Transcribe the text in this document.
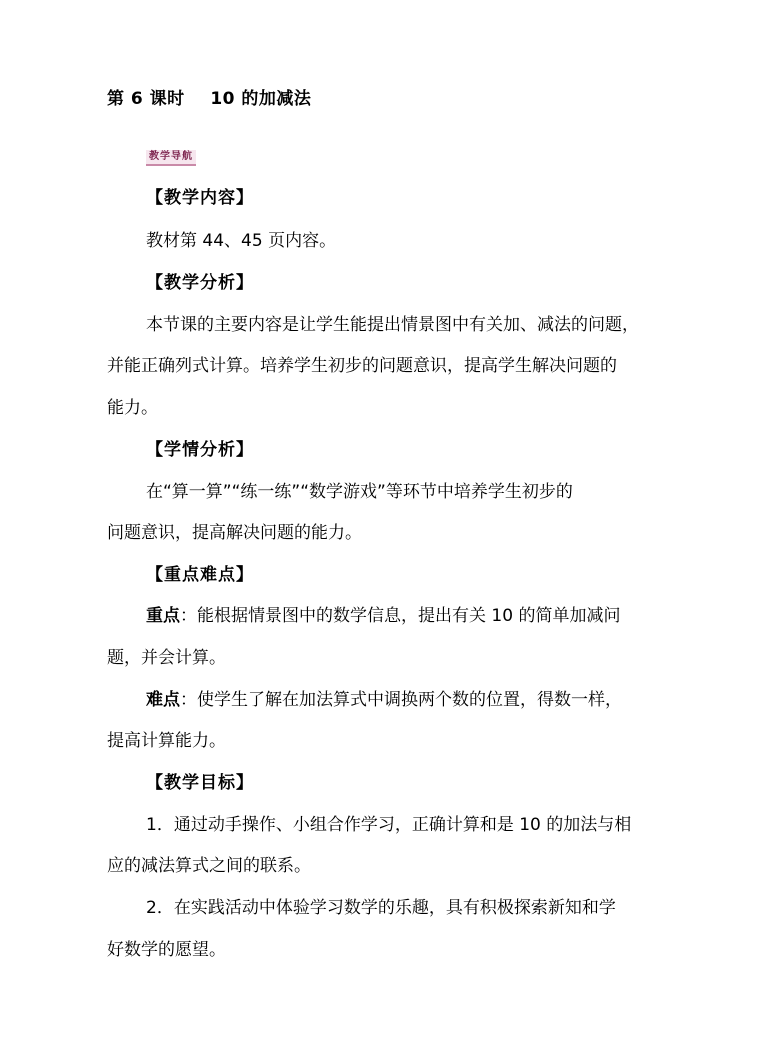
第 6 课时    10 的加减法
教学导航
【教学内容】
教材第 44、45 页内容。
【教学分析】
本节课的主要内容是让学生能提出情景图中有关加、减法的问题，
并能正确列式计算。培养学生初步的问题意识，提高学生解决问题的
能力。
【学情分析】
在“算一算”“练一练”“数学游戏”等环节中培养学生初步的
问题意识，提高解决问题的能力。
【重点难点】
重点：能根据情景图中的数学信息，提出有关 10 的简单加减问
题，并会计算。
难点：使学生了解在加法算式中调换两个数的位置，得数一样，
提高计算能力。
【教学目标】
1．通过动手操作、小组合作学习，正确计算和是 10 的加法与相
应的减法算式之间的联系。
2．在实践活动中体验学习数学的乐趣，具有积极探索新知和学
好数学的愿望。
